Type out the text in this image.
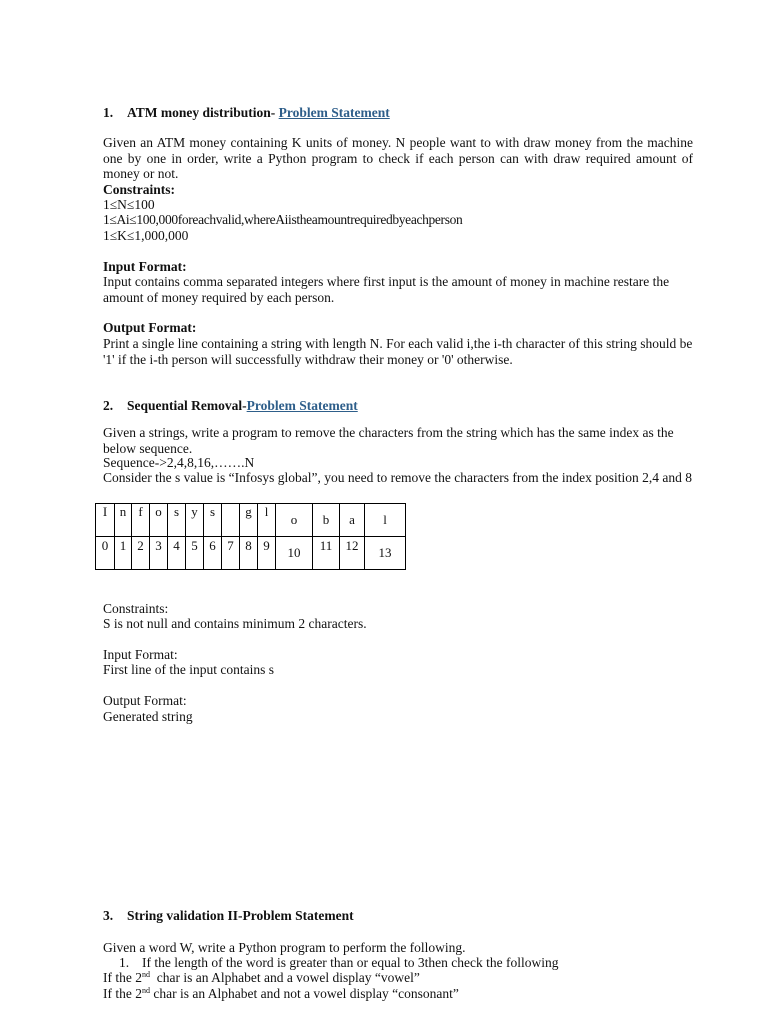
1. ATM money distribution- Problem Statement
Given an ATM money containing K units of money. N people want to with draw money from the machine one by one in order, write a Python program to check if each person can with draw required amount of money or not.
Constraints:
1≤N≤100
1≤Ai≤100,000foreachvalid,whereAiistheamountrequiredbyeachperson
1≤K≤1,000,000
Input Format:
Input contains comma separated integers where first input is the amount of money in machine restare the amount of money required by each person.
Output Format:
Print a single line containing a string with length N. For each valid i,the i-th character of this string should be '1' if the i-th person will successfully withdraw their money or '0' otherwise.
2. Sequential Removal-Problem Statement
Given a strings, write a program to remove the characters from the string which has the same index as the below sequence.
Sequence->2,4,8,16,…….N
Consider the s value is “Infosys global”, you need to remove the characters from the index position 2,4 and 8
I	n	f	o	s	y	s		g	l	o	b	a	l

0	1	2	3	4	5	6	7	8	9	10	11	12	13
Constraints:
S is not null and contains minimum 2 characters.
Input Format:
First line of the input contains s
Output Format:
Generated string
3. String validation II-Problem Statement
Given a word W, write a Python program to perform the following.
1. If the length of the word is greater than or equal to 3then check the following
If the 2nd  char is an Alphabet and a vowel display “vowel”
If the 2nd char is an Alphabet and not a vowel display “consonant”
